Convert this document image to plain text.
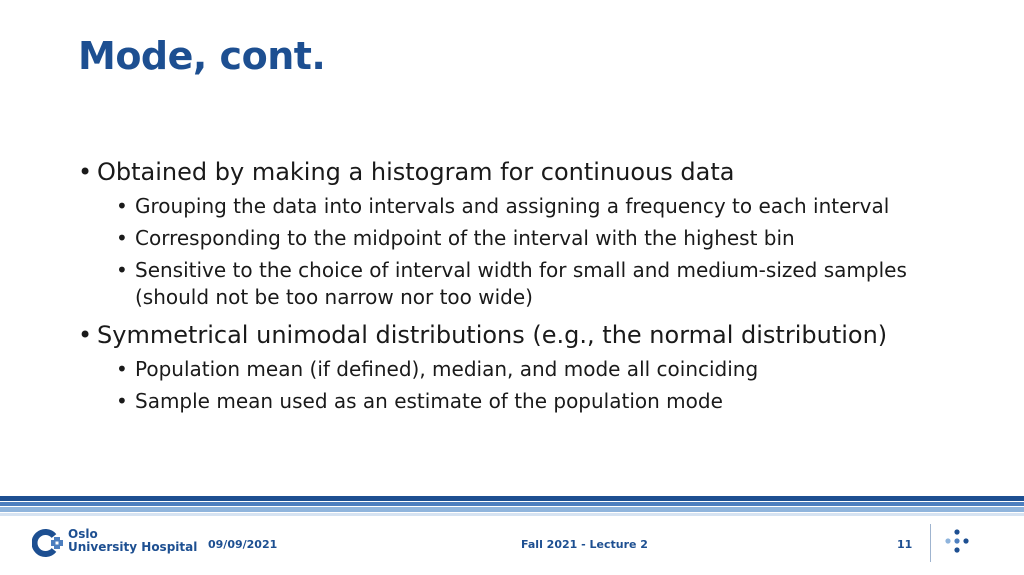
Mode, cont.
• Obtained by making a histogram for continuous data
• Grouping the data into intervals and assigning a frequency to each interval
• Corresponding to the midpoint of the interval with the highest bin
• Sensitive to the choice of interval width for small and medium-sized samples (should not be too narrow nor too wide)
• Symmetrical unimodal distributions (e.g., the normal distribution)
• Population mean (if defined), median, and mode all coinciding
• Sample mean used as an estimate of the population mode
Oslo
University Hospital 09/09/2021	Fall 2021 - Lecture 2	11
